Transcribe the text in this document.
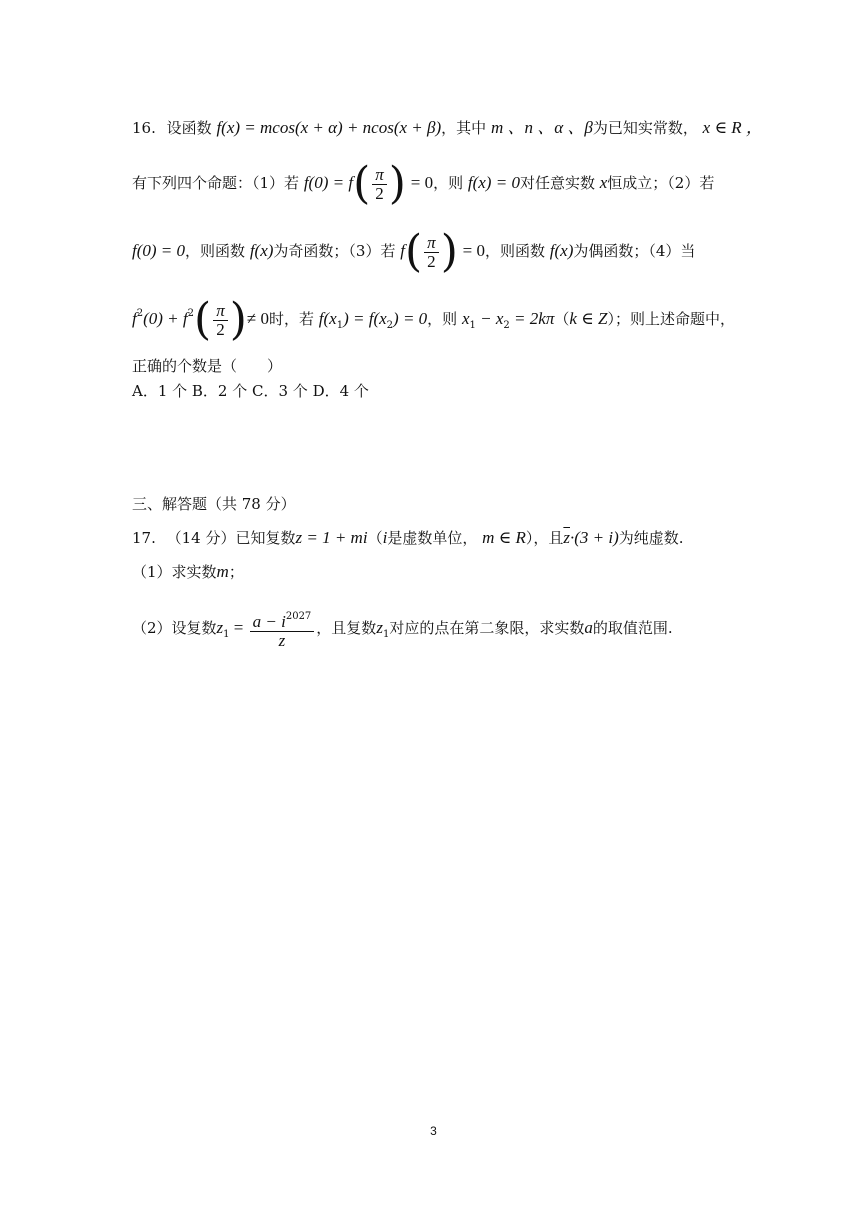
16. 设函数 f(x) = mcos(x + α) + ncos(x + β)，其中 m 、n 、α 、β为已知实常数， x ∈ R ，
有下列四个命题：（1）若 $f(0) = f( \frac{\pi}{2}$ ) = 0，则 f(x) = 0对任意实数 x恒成立；（2）若
f(0) = 0，则函数 f(x)为奇函数；（3）若 $f( \frac{\pi}{2}$ ) = 0，则函数 f(x)为偶函数；（4）当
$f^2(0) + f^2( \frac{\pi}{2}$ )≠ 0时，若 $f(x_1) = f(x_2) = 0$，则 $x_1 - x_2 = 2k\pi(k$ ∈ Z）；则上述命题中，
正确的个数是（　　）
A．1 个 B．2 个 C．3 个 D．4 个
三、解答题（共 78 分）
17. （14 分）已知复数z = 1 + mi（i是虚数单位， m ∈ R），且$\overline{z}\cdot(3 + i)$为纯虚数.
（1）求实数m；
（2）设复数$z_1 = \frac{a - i^{2027}}{z}$ ，且复数$z_1$对应的点在第二象限，求实数a的取值范围.
3
